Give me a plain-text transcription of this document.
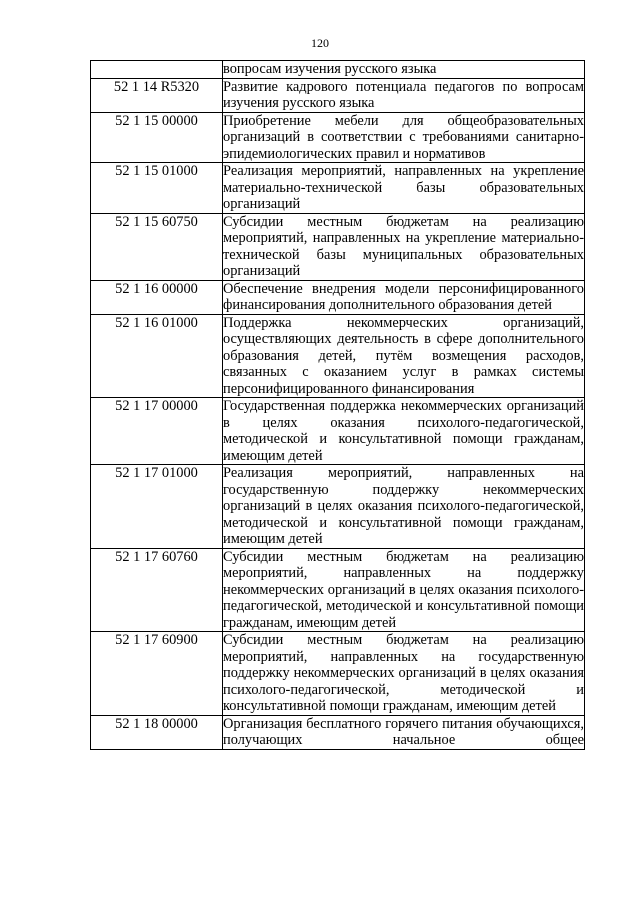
120
	вопросам изучения русского языка
52 1 14 R5320	Развитие кадрового потенциала педагогов по вопросам изучения русского языка
52 1 15 00000	Приобретение мебели для общеобразовательных организаций в соответствии с требованиями санитарно-эпидемиологических правил и нормативов
52 1 15 01000	Реализация мероприятий, направленных на укрепление материально-технической базы образовательных организаций
52 1 15 60750	Субсидии местным бюджетам на реализацию мероприятий, направленных на укрепление материально-технической базы муниципальных образовательных организаций
52 1 16 00000	Обеспечение внедрения модели персонифицированного финансирования дополнительного образования детей
52 1 16 01000	Поддержка некоммерческих организаций, осуществляющих деятельность в сфере дополнительного образования детей, путём возмещения расходов, связанных с оказанием услуг в рамках системы персонифицированного финансирования
52 1 17 00000	Государственная поддержка некоммерческих организаций в целях оказания психолого-педагогической, методической и консультативной помощи гражданам, имеющим детей
52 1 17 01000	Реализация мероприятий, направленных на государственную поддержку некоммерческих организаций в целях оказания психолого-педагогической, методической и консультативной помощи гражданам, имеющим детей
52 1 17 60760	Субсидии местным бюджетам на реализацию мероприятий, направленных на поддержку некоммерческих организаций в целях оказания психолого-педагогической, методической и консультативной помощи гражданам, имеющим детей
52 1 17 60900	Субсидии местным бюджетам на реализацию мероприятий, направленных на государственную поддержку некоммерческих организаций в целях оказания психолого-педагогической, методической и консультативной помощи гражданам, имеющим детей
52 1 18 00000	Организация бесплатного горячего питания обучающихся, получающих начальное общее
